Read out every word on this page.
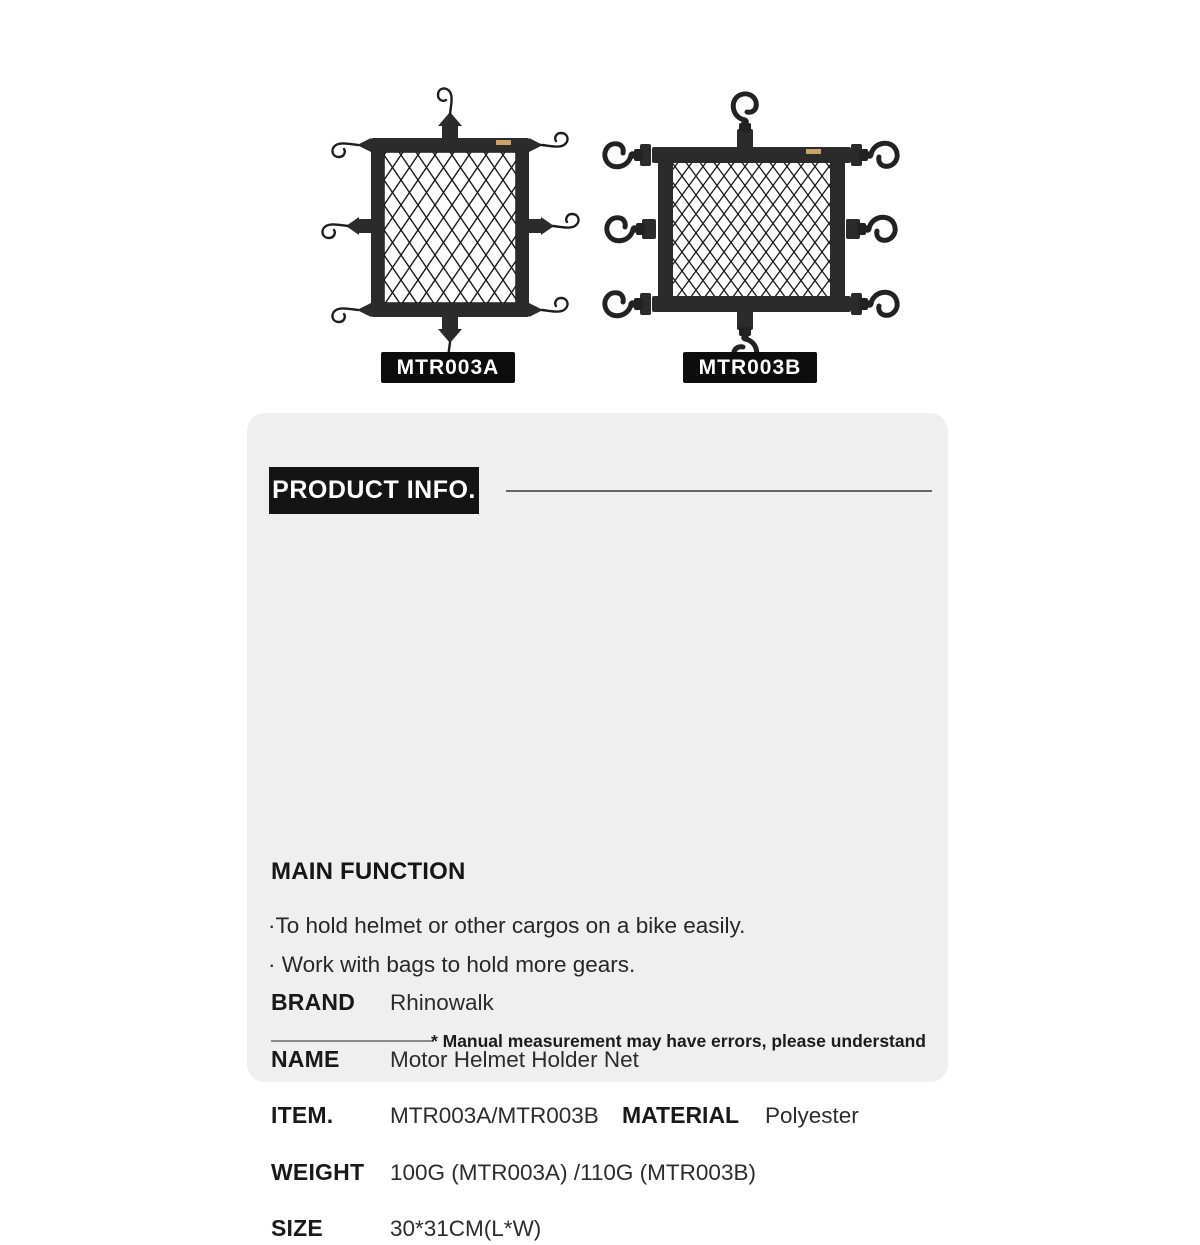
MTR003A	MTR003B
PRODUCT INFO.
BRAND Rhinowalk
NAME Motor Helmet Holder Net
ITEM.	MTR003A/MTR003B MATERIAL Polyester
WEIGHT 100G (MTR003A) /110G (MTR003B)
SIZE	30*31CM(L*W)
MAIN FUNCTION
·To hold helmet or other cargos on a bike easily.
· Work with bags to hold more gears.
* Manual measurement may have errors, please understand
